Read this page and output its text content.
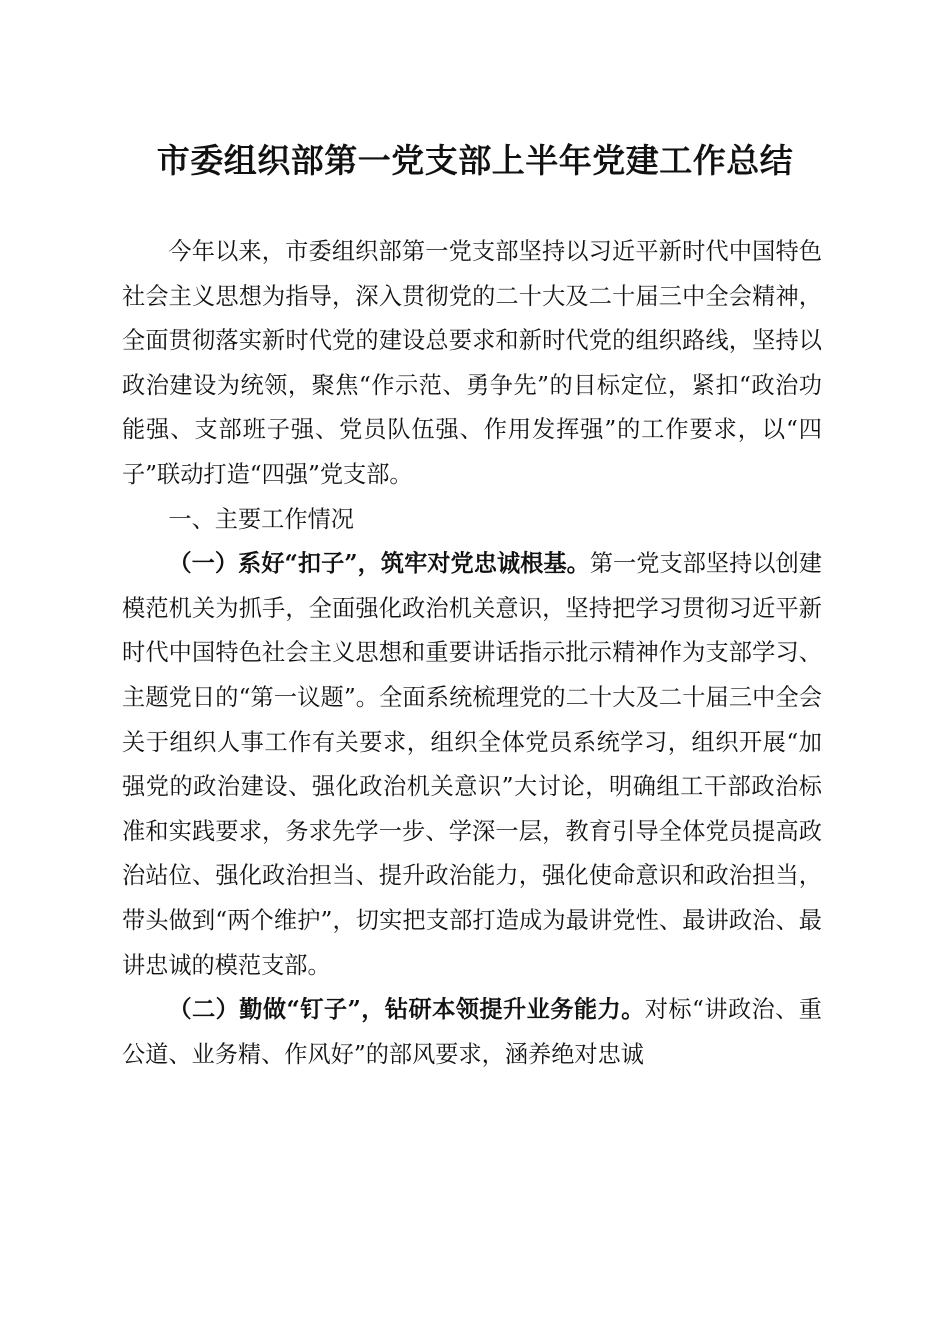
市委组织部第一党支部上半年党建工作总结

今年以来，市委组织部第一党支部坚持以习近平新时代中国特色社会主义思想为指导，深入贯彻党的二十大及二十届三中全会精神，全面贯彻落实新时代党的建设总要求和新时代党的组织路线，坚持以政治建设为统领，聚焦“作示范、勇争先”的目标定位，紧扣“政治功能强、支部班子强、党员队伍强、作用发挥强”的工作要求，以“四子”联动打造“四强”党支部。

一、主要工作情况

（一）系好“扣子”，筑牢对党忠诚根基。第一党支部坚持以创建模范机关为抓手，全面强化政治机关意识，坚持把学习贯彻习近平新时代中国特色社会主义思想和重要讲话指示批示精神作为支部学习、主题党日的“第一议题”。全面系统梳理党的二十大及二十届三中全会关于组织人事工作有关要求，组织全体党员系统学习，组织开展“加强党的政治建设、强化政治机关意识”大讨论，明确组工干部政治标准和实践要求，务求先学一步、学深一层，教育引导全体党员提高政治站位、强化政治担当、提升政治能力，强化使命意识和政治担当，带头做到“两个维护”，切实把支部打造成为最讲党性、最讲政治、最讲忠诚的模范支部。

（二）勤做“钉子”，钻研本领提升业务能力。对标“讲政治、重公道、业务精、作风好”的部风要求，涵养绝对忠诚
